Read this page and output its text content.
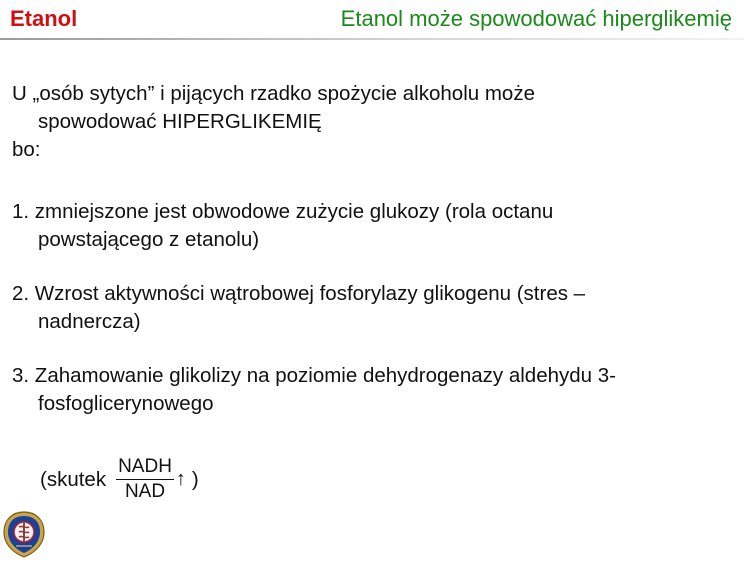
Etanol	Etanol może spowodować hiperglikemię
U „osób sytych” i pijących rzadko spożycie alkoholu może
spowodować HIPERGLIKEMIĘ
bo:
1. zmniejszone jest obwodowe zużycie glukozy (rola octanu
powstającego z etanolu)
2. Wzrost aktywności wątrobowej fosforylazy glikogenu (stres –
nadnercza)
3. Zahamowanie glikolizy na poziomie dehydrogenazy aldehydu 3-
fosfoglicerynowego
(skutek $\frac{\text{NADH}}{\text{NAD}}$ ↑ )
